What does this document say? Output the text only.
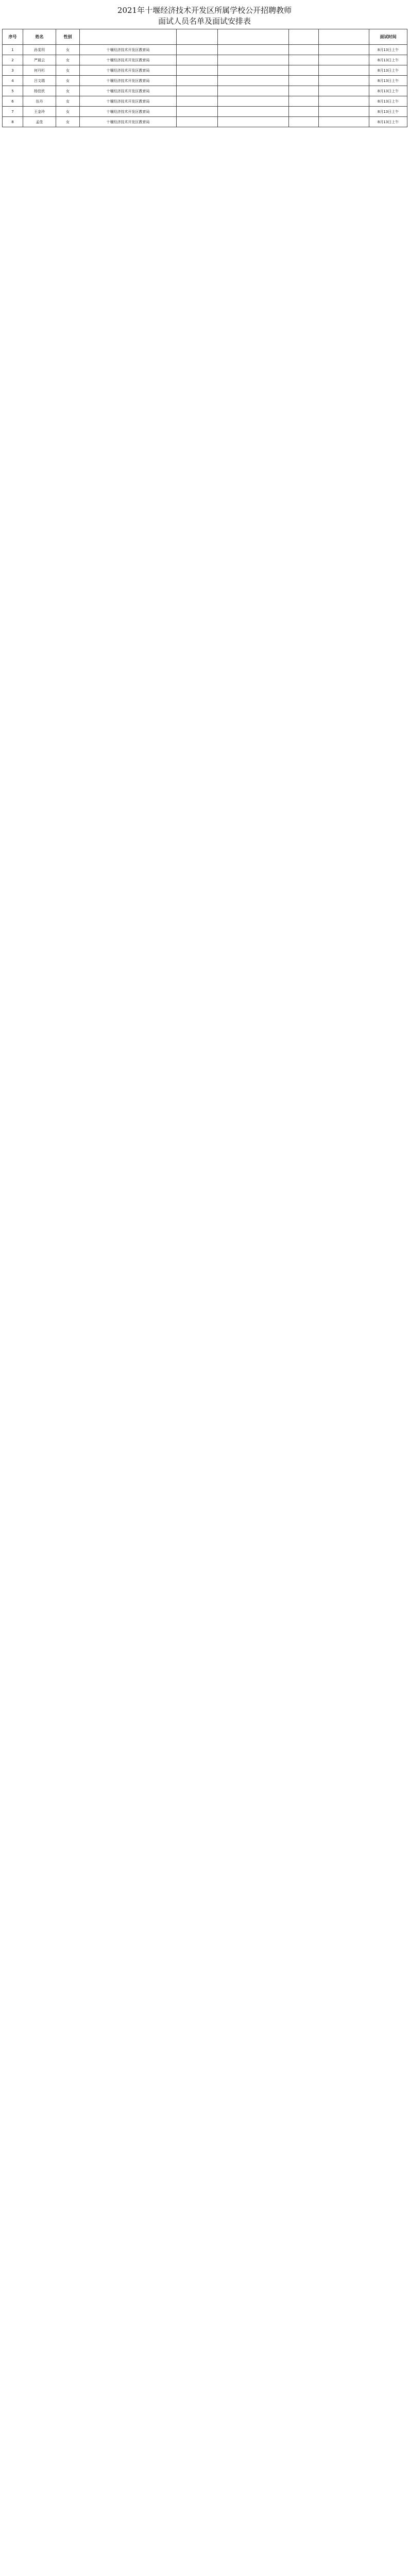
2021年十堰经济技术开发区所属学校公开招聘教师
面试人员名单及面试安排表
序号	姓名	性别						面试时间
1	孙雯玥	女	十堰经济技术开发区教育局					8月13日上午
2	严晨云	女	十堰经济技术开发区教育局					8月13日上午
3	何丹杉	女	十堰经济技术开发区教育局					8月13日上午
4	吕文瑞	女	十堰经济技术开发区教育局					8月13日上午
5	杨佳欣	女	十堰经济技术开发区教育局					8月13日上午
6	伍丹	女	十堰经济技术开发区教育局					8月13日上午
7	王金玲	女	十堰经济技术开发区教育局					8月13日上午
8	孟佳	女	十堰经济技术开发区教育局					8月13日上午
